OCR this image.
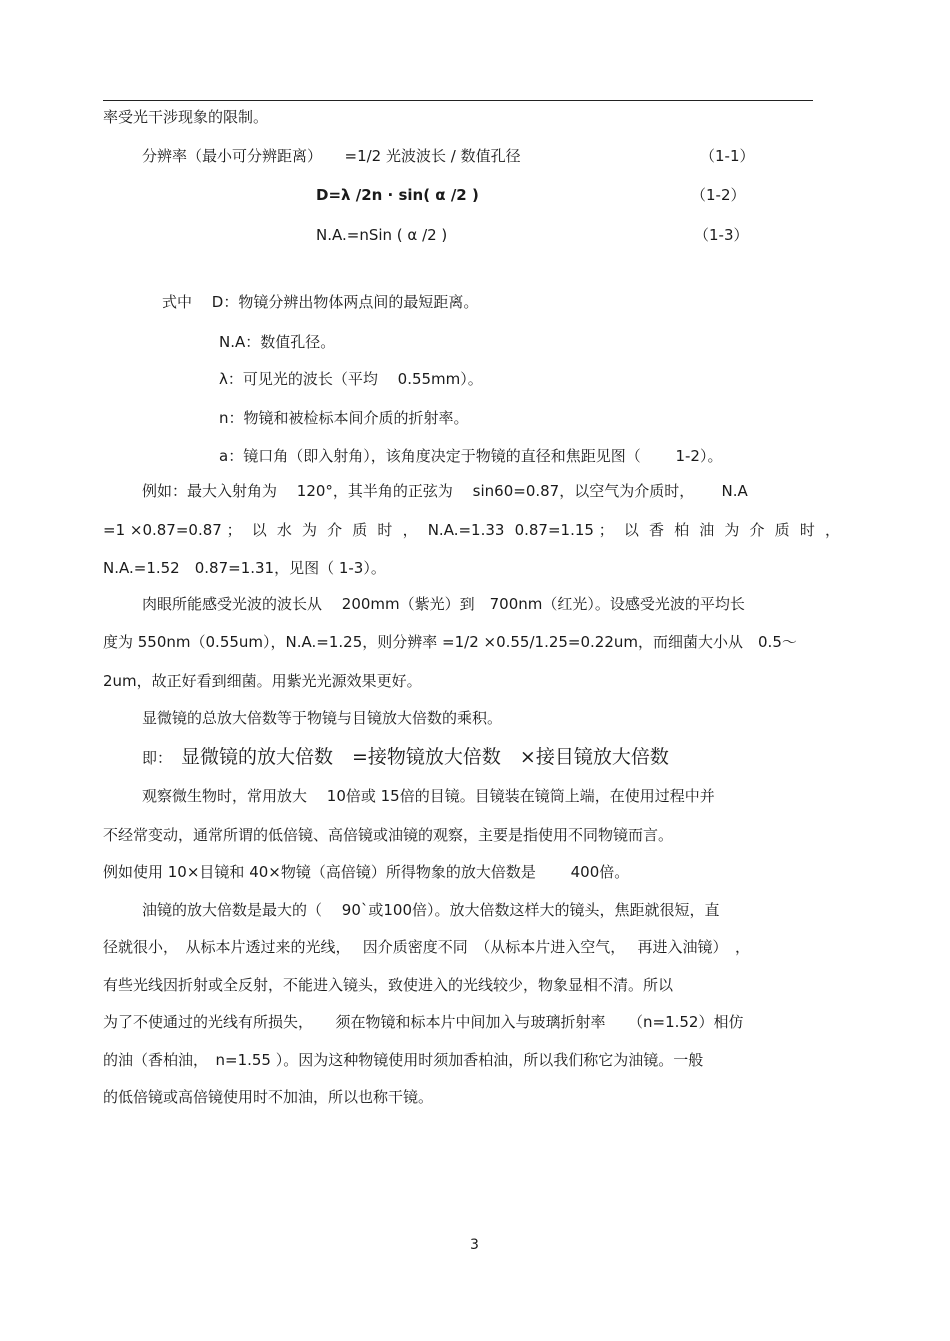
率受光干涉现象的限制。
分辨率（最小可分辨距离）　　=1/2 光波波长 / 数值孔径	（1-1）
D=λ /2n · sin( α /2 )	（1-2）
N.A.=nSin ( α /2 )	（1-3）
式中　 D：物镜分辨出物体两点间的最短距离。
N.A：数值孔径。
λ：可见光的波长（平均　 0.55mm）。
n：物镜和被检标本间介质的折射率。
a：镜口角（即入射角），该角度决定于物镜的直径和焦距见图（　　 1-2）。
例如：最大入射角为　 120°，其半角的正弦为　 sin60=0.87，以空气为介质时，　　 N.A
=1 ×0.87=0.87 ； 以 水 为 介 质 时 ， N.A.=1.33 0.87=1.15 ； 以 香 柏 油 为 介 质 时 ，
N.A.=1.52　0.87=1.31，见图（ 1-3）。
肉眼所能感受光波的波长从　 200mm（紫光）到　700nm（红光）。设感受光波的平均长
度为 550nm（0.55um），N.A.=1.25，则分辨率 =1/2 ×0.55/1.25=0.22um，而细菌大小从　0.5～
2um，故正好看到细菌。用紫光光源效果更好。
显微镜的总放大倍数等于物镜与目镜放大倍数的乘积。
即： 显微镜的放大倍数　=接物镜放大倍数　×接目镜放大倍数
观察微生物时，常用放大　 10倍或 15倍的目镜。目镜装在镜筒上端，在使用过程中并
不经常变动，通常所谓的低倍镜、高倍镜或油镜的观察，主要是指使用不同物镜而言。
例如使用 10×目镜和 40×物镜（高倍镜）所得物象的放大倍数是　　 400倍。
油镜的放大倍数是最大的（　 90`或100倍）。放大倍数这样大的镜头，焦距就很短，直
径就很小，　从标本片透过来的光线，　 因介质密度不同　（从标本片进入空气，　 再进入油镜）　，
有些光线因折射或全反射，不能进入镜头，致使进入的光线较少，物象显相不清。所以
为了不使通过的光线有所损失，　　须在物镜和标本片中间加入与玻璃折射率　　（n=1.52）相仿
的油（香柏油，　n=1.55 ）。因为这种物镜使用时须加香柏油，所以我们称它为油镜。一般
的低倍镜或高倍镜使用时不加油，所以也称干镜。
3
